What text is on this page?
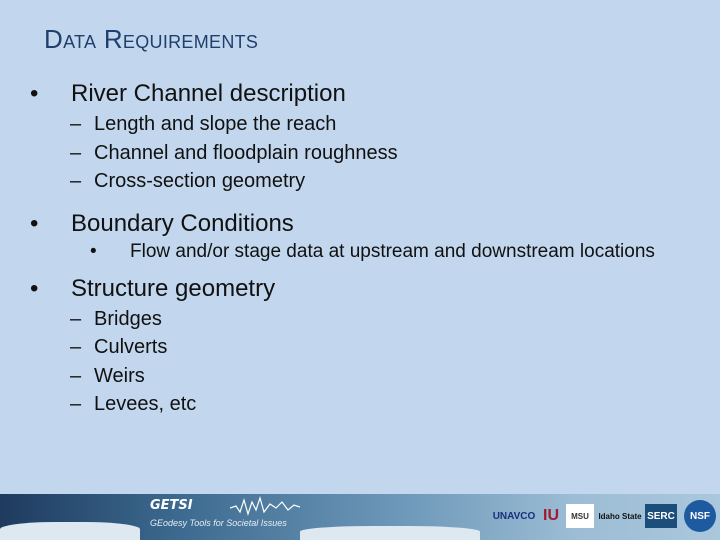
Data Requirements
•	River Channel description
– Length and slope the reach
– Channel and floodplain roughness
– Cross-section geometry
•	Boundary Conditions
• Flow and/or stage data at upstream and downstream locations
•	Structure geometry
– Bridges
– Culverts
– Weirs
– Levees, etc
GETSI
GEodesy Tools for Societal Issues
UNAVCO IU	MSU	Idaho State SERC	NSF
